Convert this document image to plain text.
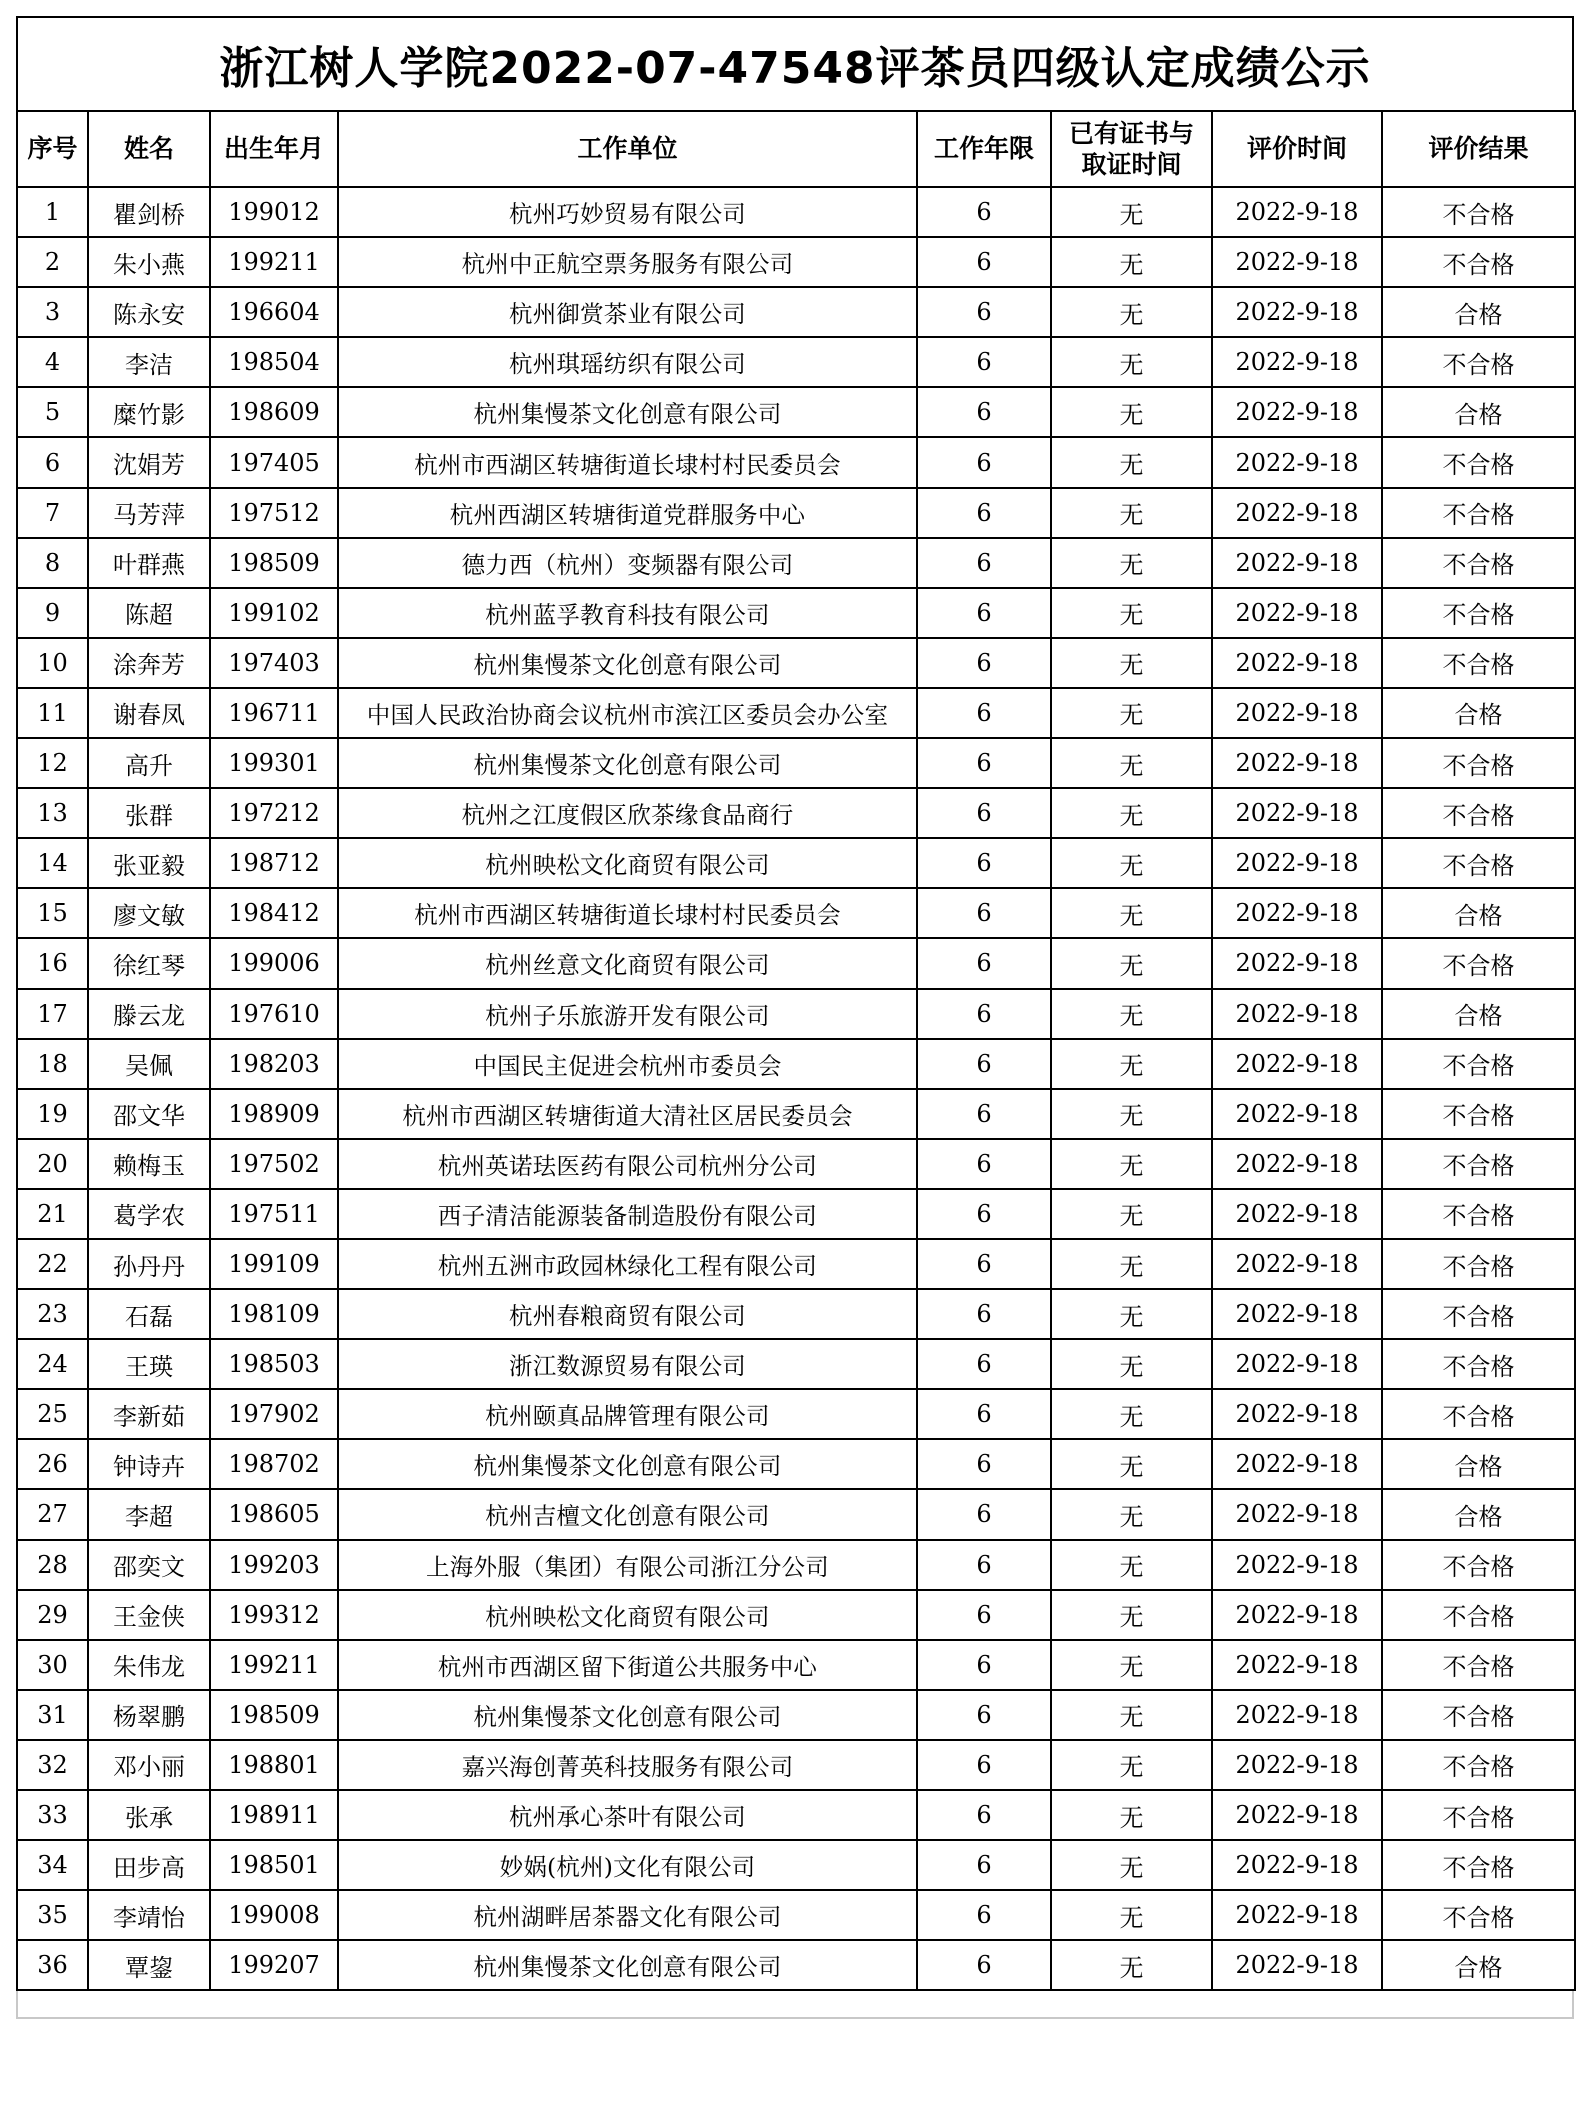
浙江树人学院2022-07-47548评茶员四级认定成绩公示
序号	姓名	出生年月	工作单位	工作年限	已有证书与取证时间	评价时间	评价结果
1	瞿剑桥	199012	杭州巧妙贸易有限公司	6	无	2022-9-18	不合格
2	朱小燕	199211	杭州中正航空票务服务有限公司	6	无	2022-9-18	不合格
3	陈永安	196604	杭州御赏茶业有限公司	6	无	2022-9-18	合格
4	李洁	198504	杭州琪瑶纺织有限公司	6	无	2022-9-18	不合格
5	糜竹影	198609	杭州集慢茶文化创意有限公司	6	无	2022-9-18	合格
6	沈娟芳	197405	杭州市西湖区转塘街道长埭村村民委员会	6	无	2022-9-18	不合格
7	马芳萍	197512	杭州西湖区转塘街道党群服务中心	6	无	2022-9-18	不合格
8	叶群燕	198509	德力西（杭州）变频器有限公司	6	无	2022-9-18	不合格
9	陈超	199102	杭州蓝孚教育科技有限公司	6	无	2022-9-18	不合格
10	涂奔芳	197403	杭州集慢茶文化创意有限公司	6	无	2022-9-18	不合格
11	谢春凤	196711	中国人民政治协商会议杭州市滨江区委员会办公室	6	无	2022-9-18	合格
12	高升	199301	杭州集慢茶文化创意有限公司	6	无	2022-9-18	不合格
13	张群	197212	杭州之江度假区欣茶缘食品商行	6	无	2022-9-18	不合格
14	张亚毅	198712	杭州映松文化商贸有限公司	6	无	2022-9-18	不合格
15	廖文敏	198412	杭州市西湖区转塘街道长埭村村民委员会	6	无	2022-9-18	合格
16	徐红琴	199006	杭州丝意文化商贸有限公司	6	无	2022-9-18	不合格
17	滕云龙	197610	杭州子乐旅游开发有限公司	6	无	2022-9-18	合格
18	吴佩	198203	中国民主促进会杭州市委员会	6	无	2022-9-18	不合格
19	邵文华	198909	杭州市西湖区转塘街道大清社区居民委员会	6	无	2022-9-18	不合格
20	赖梅玉	197502	杭州英诺珐医药有限公司杭州分公司	6	无	2022-9-18	不合格
21	葛学农	197511	西子清洁能源装备制造股份有限公司	6	无	2022-9-18	不合格
22	孙丹丹	199109	杭州五洲市政园林绿化工程有限公司	6	无	2022-9-18	不合格
23	石磊	198109	杭州春粮商贸有限公司	6	无	2022-9-18	不合格
24	王瑛	198503	浙江数源贸易有限公司	6	无	2022-9-18	不合格
25	李新茹	197902	杭州颐真品牌管理有限公司	6	无	2022-9-18	不合格
26	钟诗卉	198702	杭州集慢茶文化创意有限公司	6	无	2022-9-18	合格
27	李超	198605	杭州吉檀文化创意有限公司	6	无	2022-9-18	合格
28	邵奕文	199203	上海外服（集团）有限公司浙江分公司	6	无	2022-9-18	不合格
29	王金侠	199312	杭州映松文化商贸有限公司	6	无	2022-9-18	不合格
30	朱伟龙	199211	杭州市西湖区留下街道公共服务中心	6	无	2022-9-18	不合格
31	杨翠鹏	198509	杭州集慢茶文化创意有限公司	6	无	2022-9-18	不合格
32	邓小丽	198801	嘉兴海创菁英科技服务有限公司	6	无	2022-9-18	不合格
33	张承	198911	杭州承心茶叶有限公司	6	无	2022-9-18	不合格
34	田步高	198501	妙娲(杭州)文化有限公司	6	无	2022-9-18	不合格
35	李靖怡	199008	杭州湖畔居茶器文化有限公司	6	无	2022-9-18	不合格
36	覃鋆	199207	杭州集慢茶文化创意有限公司	6	无	2022-9-18	合格
